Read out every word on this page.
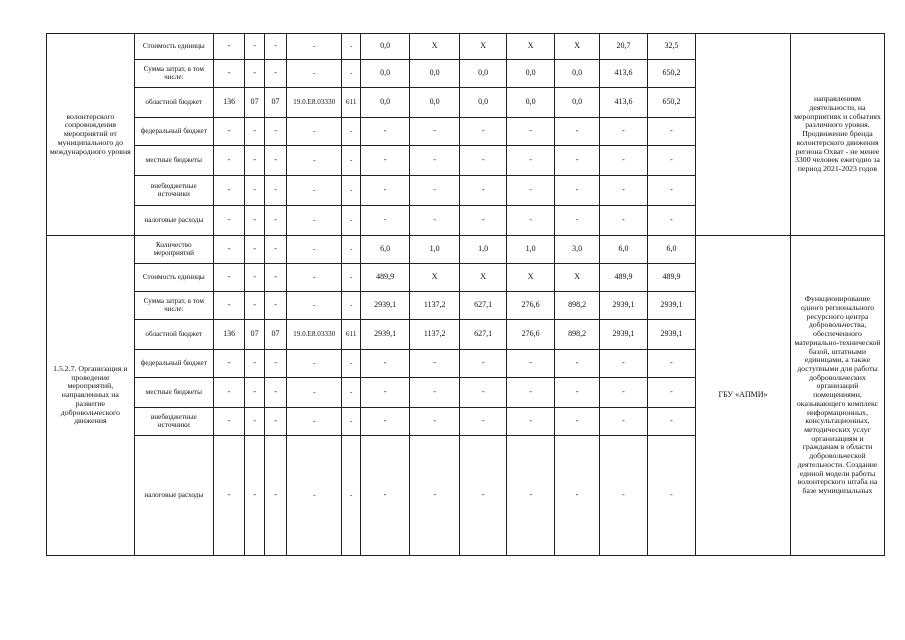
волонтерского сопровождения мероприятий от муниципального до международного уровня	Стоимость единицы	-	-	-	-	-	0,0	X	X	X	X	20,7	32,5		направлениям деятельности, на мероприятиях и событиях различного уровня. Продвижение бренда волонтерского движения региона Охват - не менее 3300 человек ежегодно за период 2021-2023 годов
	Сумма затрат, в том числе:	-	-	-	-	-	0,0	0,0	0,0	0,0	0,0	413,6	650,2		
	областной бюджет	136	07	07	19.0.E8.03330	611	0,0	0,0	0,0	0,0	0,0	413,6	650,2		
	федеральный бюджет	-	-	-	-	-	-	-	-	-	-	-	-		
	местные бюджеты	-	-	-	-	-	-	-	-	-	-	-	-		
	внебюджетные источники	-	-	-	-	-	-	-	-	-	-	-	-		
	налоговые расходы	-	-	-	-	-	-	-	-	-	-	-	-		
1.5.2.7. Организация и проведение мероприятий, направленных на развитие добровольческого движения	Количество мероприятий	-	-	-	-	-	6,0	1,0	1,0	1,0	3,0	6,0	6,0	ГБУ «АПМИ»	Функционирование одного регионального ресурсного центра добровольчества, обеспеченного материально-технической базой, штатными единицами, а также доступными для работы добровольческих организаций помещениями, оказывающего комплекс информационных, консультационных, методических услуг организациям и гражданам в области добровольческой деятельности. Создание единой модели работы волонтерского штаба на базе муниципальных
	Стоимость единицы	-	-	-	-	-	489,9	X	X	X	X	489,9	489,9		
	Сумма затрат, в том числе:	-	-	-	-	-	2939,1	1137,2	627,1	276,6	898,2	2939,1	2939,1		
	областной бюджет	136	07	07	19.0.E8.03330	611	2939,1	1137,2	627,1	276,6	898,2	2939,1	2939,1		
	федеральный бюджет	-	-	-	-	-	-	-	-	-	-	-	-		
	местные бюджеты	-	-	-	-	-	-	-	-	-	-	-	-		
	внебюджетные источники	-	-	-	-	-	-	-	-	-	-	-	-		
	налоговые расходы	-	-	-	-	-	-	-	-	-	-	-	-		
